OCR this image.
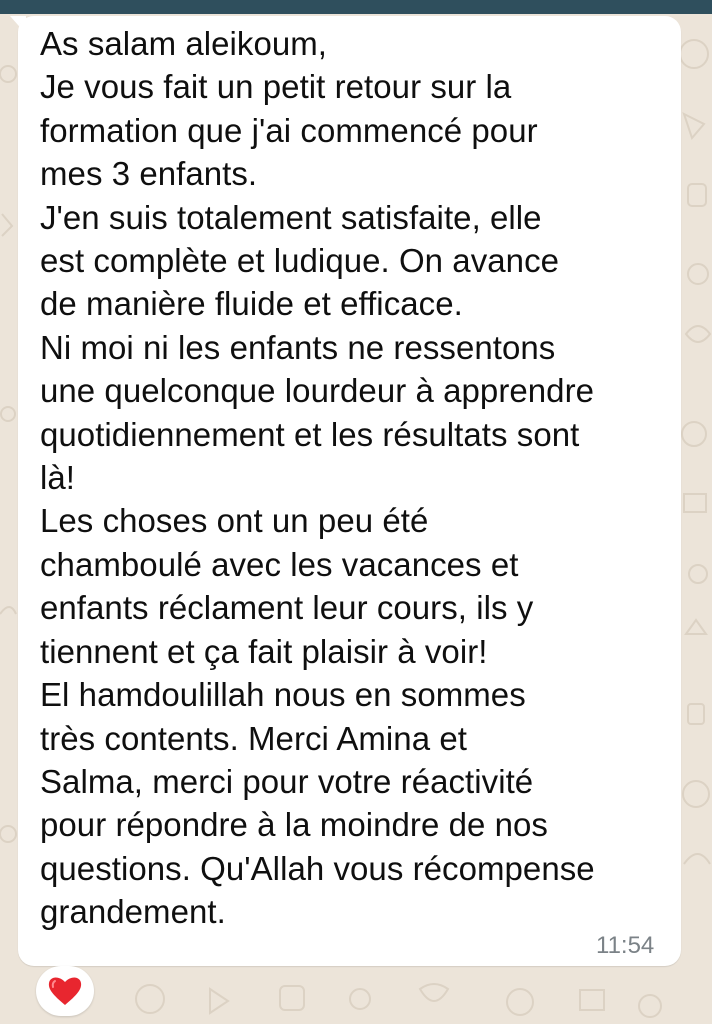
As salam aleikoum,
Je vous fait un petit retour sur la
formation que j'ai commencé pour
mes 3 enfants.
J'en suis totalement satisfaite, elle
est complète et ludique. On avance
de manière fluide et efficace.
Ni moi ni les enfants ne ressentons
une quelconque lourdeur à apprendre
quotidiennement et les résultats sont
là!
Les choses ont un peu été
chamboulé avec les vacances et
enfants réclament leur cours, ils y
tiennent et ça fait plaisir à voir!
El hamdoulillah nous en sommes
très contents. Merci Amina et
Salma, merci pour votre réactivité
pour répondre à la moindre de nos
questions. Qu'Allah vous récompense
grandement.

11:54
